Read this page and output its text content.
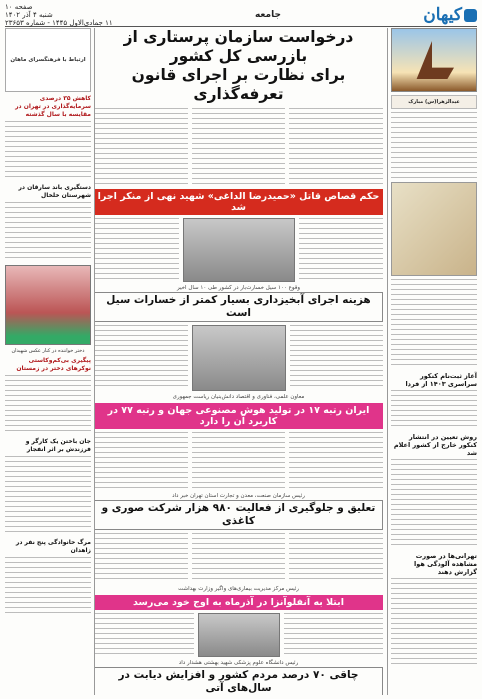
کیهان
جامعه
صفحه ۱۰
شنبه ۴ آذر ۱۴۰۲
۱۱ جمادی‌الاول ۱۴۴۵ - شماره ۲۳۶۵۳
عیدالزهرا(س) مبارک
آغاز ثبت‌نام کنکور سراسری ۱۴۰۳ از فردا
روش تعیین در انتشار کنکور خارج از کشور اعلام شد
تهرانی‌ها در صورت مشاهده آلودگی هوا گزارش دهند
درخواست سازمان پرستاری از بازرسی کل کشور
برای نظارت بر اجرای قانون تعرفه‌گذاری
حکم قصاص قاتل «حمیدرضا الداغی» شهید نهی از منکر اجرا شد
وقوع ۱۰۰ سیل خسارت‌بار در کشور طی ۱۰ سال اخیر
هزینه اجرای آبخیزداری بسیار کمتر از خسارات سیل است
معاون علمی، فناوری و اقتصاد دانش‌بنیان ریاست جمهوری
ایران رتبه ۱۷ در تولید هوش مصنوعی جهان و رتبه ۷۷ در کاربرد آن را دارد
رئیس سازمان صنعت، معدن و تجارت استان تهران خبر داد
تعلیق و جلوگیری از فعالیت ۹۸۰ هزار شرکت صوری و کاغذی
رئیس مرکز مدیریت بیماری‌های واگیر وزارت بهداشت
ابتلا به آنفلوآنزا در آذرماه به اوج خود می‌رسد
رئیس دانشگاه علوم پزشکی شهید بهشتی هشدار داد
چاقی ۷۰ درصد مردم کشور و افزایش دیابت در سال‌های آتی
ارتباط با فرهنگسرای ماهان
کاهش ۳۵ درصدی سرمایه‌گذاری در تهران در مقایسه با سال گذشته
دستگیری باند سارقان در شهرستان خلخال
دختر خواننده در کنار عکس شهیدان
پیگیری بی‌کم‌وکاستی نوکرهای دختر در زمستان
جان باختن یک کارگر و فرزندش بر اثر انفجار
مرگ خانوادگی پنج نفر در زاهدان
